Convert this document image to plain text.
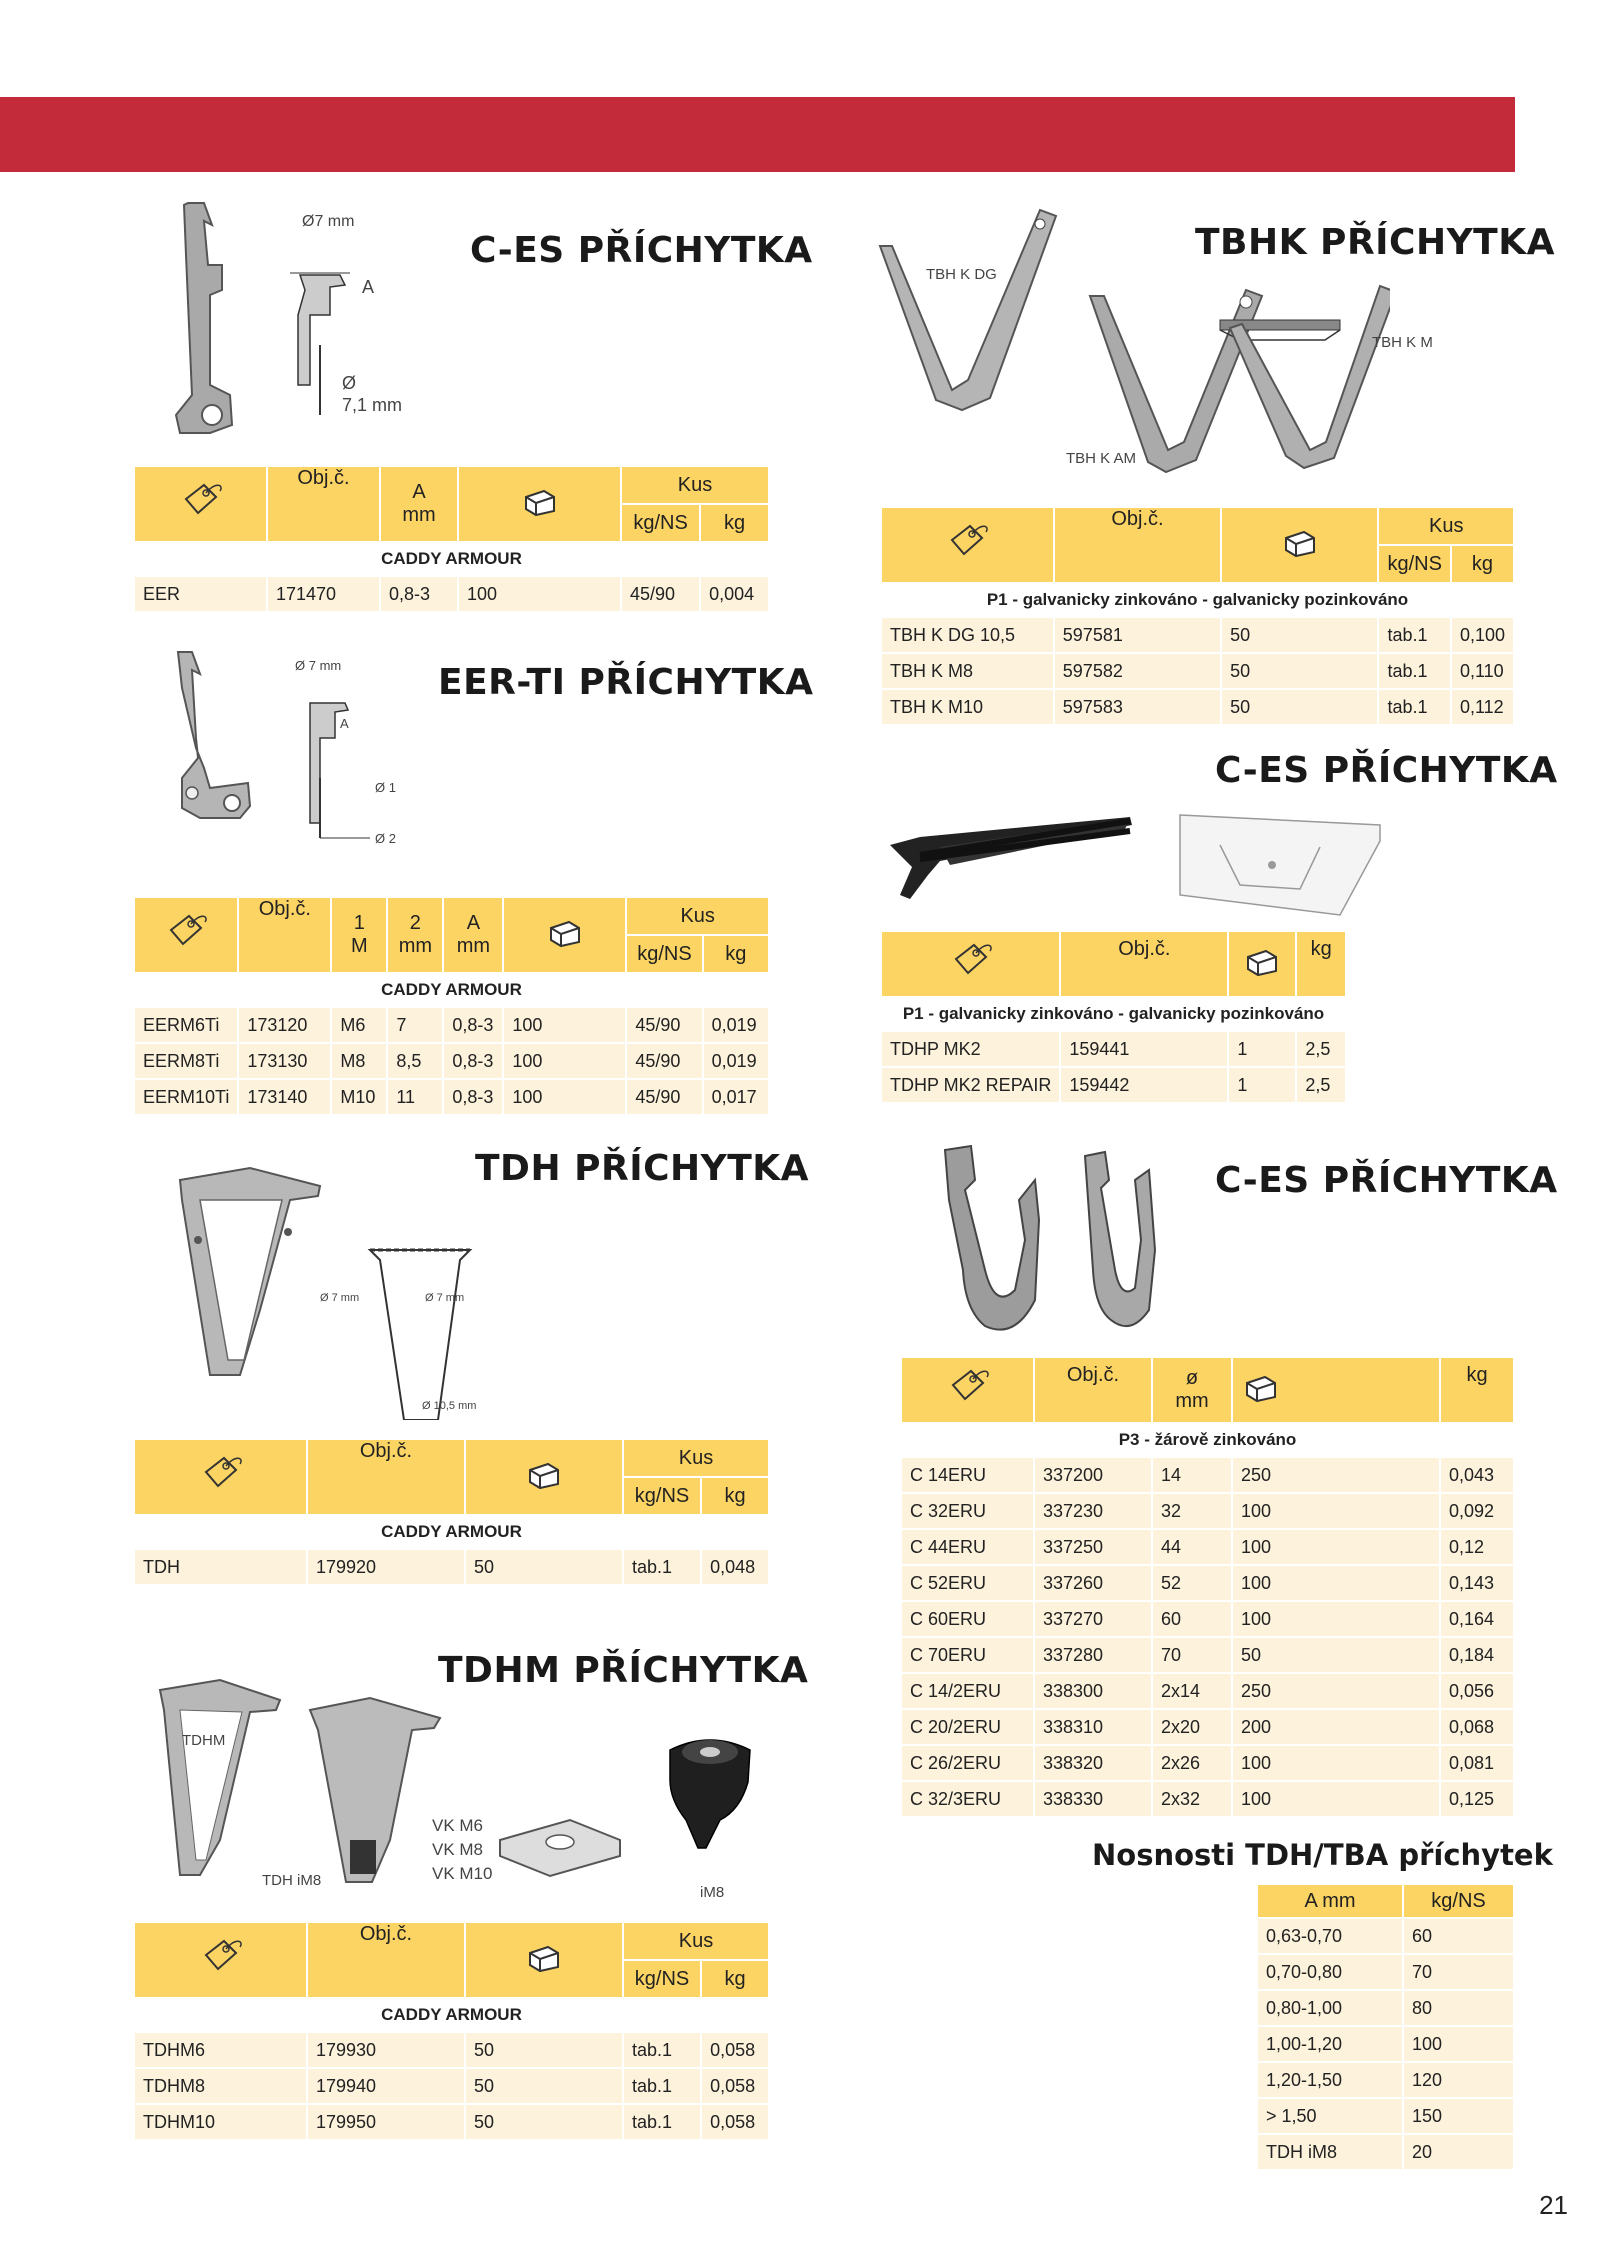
Ø7 mm
A
Ø
7,1 mm
C-ES PŘÍCHYTKA
	Obj.č.	A
mm		Kus	
				kg/NS	kg
CADDY ARMOUR					
EER	171470	0,8-3	100	45/90	0,004
Ø 7 mm
A
Ø 1
Ø 2
EER-TI PŘÍCHYTKA
	Obj.č.	1
M	2
mm	A
mm		Kus	
						kg/NS	kg
CADDY ARMOUR							
EERM6Ti	173120	M6	7	0,8-3	100	45/90	0,019
EERM8Ti	173130	M8	8,5	0,8-3	100	45/90	0,019
EERM10Ti	173140	M10	11	0,8-3	100	45/90	0,017
Ø 7 mm	Ø 7 mm
Ø 10,5 mm
TDH PŘÍCHYTKA
	Obj.č.		Kus	
			kg/NS	kg
CADDY ARMOUR				
TDH	179920	50	tab.1	0,048
TDHM PŘÍCHYTKA
TDHM
TDH iM8
VK M6
VK M8
VK M10
iM8
	Obj.č.		Kus	
			kg/NS	kg
CADDY ARMOUR				
TDHM6	179930	50	tab.1	0,058
TDHM8	179940	50	tab.1	0,058
TDHM10	179950	50	tab.1	0,058
TBHK PŘÍCHYTKA
TBH K DG
TBH K M
TBH K AM
	Obj.č.		Kus	
			kg/NS	kg
P1 - galvanicky zinkováno - galvanicky pozinkováno				
TBH K DG 10,5	597581	50	tab.1	0,100
TBH K M8	597582	50	tab.1	0,110
TBH K M10	597583	50	tab.1	0,112
C-ES PŘÍCHYTKA
	Obj.č.		kg
P1 - galvanicky zinkováno - galvanicky pozinkováno			
TDHP MK2	159441	1	2,5
TDHP MK2 REPAIR	159442	1	2,5
C-ES PŘÍCHYTKA
	Obj.č.	ø
mm		kg
P3 - žárově zinkováno				
C 14ERU	337200	14	250	0,043
C 32ERU	337230	32	100	0,092
C 44ERU	337250	44	100	0,12
C 52ERU	337260	52	100	0,143
C 60ERU	337270	60	100	0,164
C 70ERU	337280	70	50	0,184
C 14/2ERU	338300	2x14	250	0,056
C 20/2ERU	338310	2x20	200	0,068
C 26/2ERU	338320	2x26	100	0,081
C 32/3ERU	338330	2x32	100	0,125
Nosnosti TDH/TBA příchytek
A mm	kg/NS
0,63-0,70	60
0,70-0,80	70
0,80-1,00	80
1,00-1,20	100
1,20-1,50	120
> 1,50	150
TDH iM8	20
21
